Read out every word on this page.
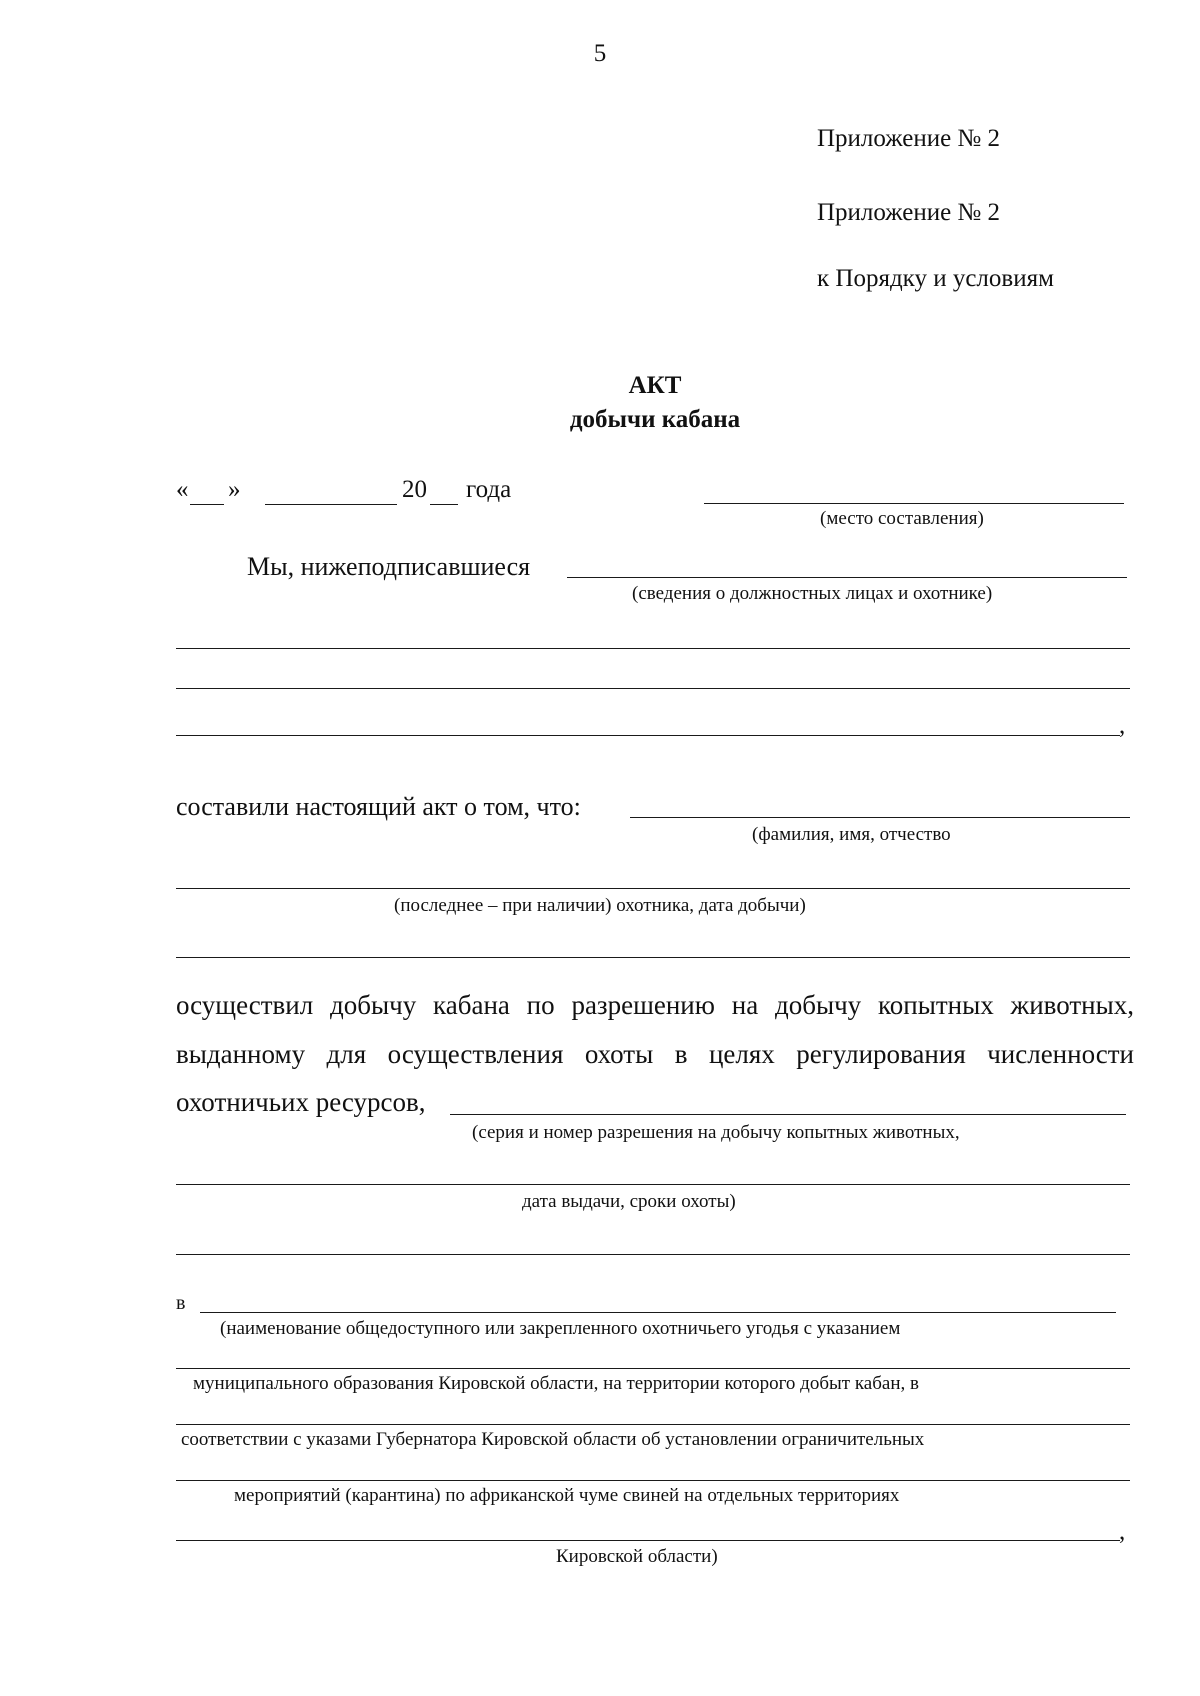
5
Приложение № 2
Приложение № 2
к Порядку и условиям
АКТ
добычи кабана
« »	20 года
(место составления)
Мы, нижеподписавшиеся
(сведения о должностных лицах и охотнике)
,
составили настоящий акт о том, что:
(фамилия, имя, отчество
(последнее – при наличии) охотника, дата добычи)
осуществил добычу кабана по разрешению на добычу копытных животных,
выданному для осуществления охоты в целях регулирования численности
охотничьих ресурсов,
(серия и номер разрешения на добычу копытных животных,
дата выдачи, сроки охоты)
в
(наименование общедоступного или закрепленного охотничьего угодья с указанием
муниципального образования Кировской области, на территории которого добыт кабан, в
соответствии с указами Губернатора Кировской области об установлении ограничительных
мероприятий (карантина) по африканской чуме свиней на отдельных территориях
,
Кировской области)
